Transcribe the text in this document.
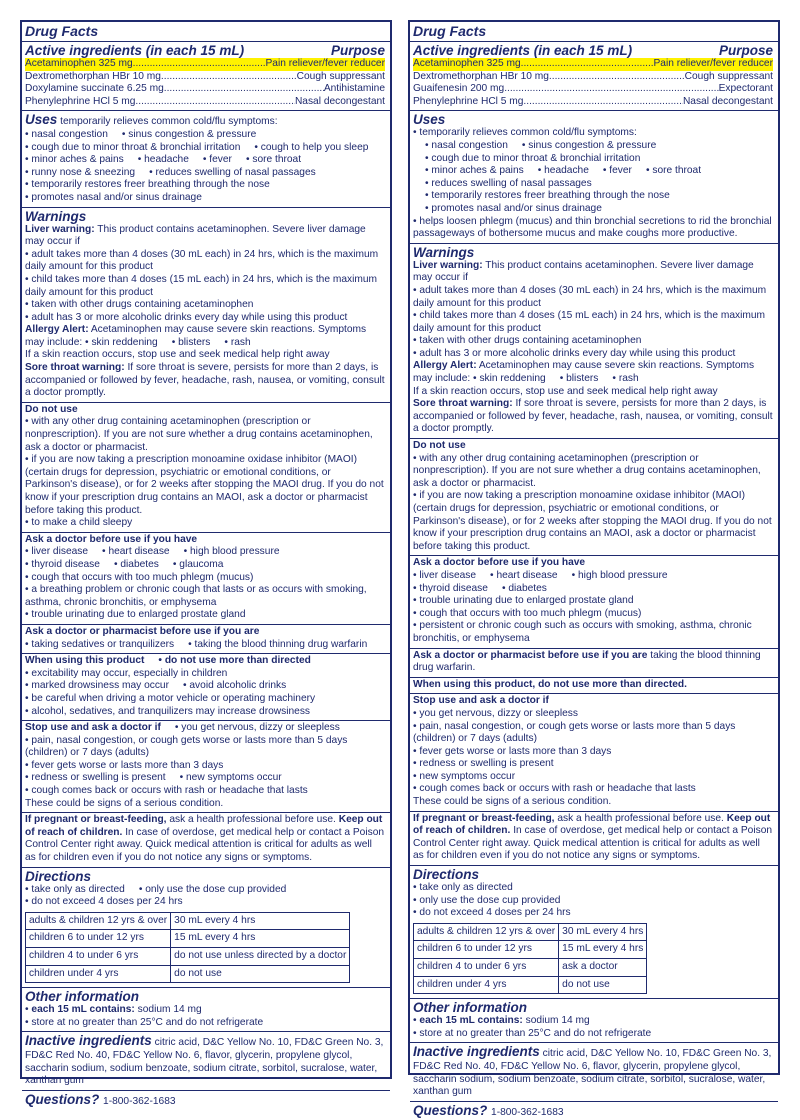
Drug Facts
Active ingredients (in each 15 mL)	Purpose
Acetaminophen 325 mg .....	Pain reliever/fever reducer
Dextromethorphan HBr 10 mg .....	Cough suppressant
Doxylamine succinate 6.25 mg .....	Antihistamine
Phenylephrine HCl 5 mg .....	Nasal decongestant
Uses temporarily relieves common cold/flu symptoms:
• nasal congestion	• sinus congestion & pressure
• cough due to minor throat & bronchial irritation	• cough to help you sleep
• minor aches & pains	• headache	• fever	• sore throat
• runny nose & sneezing	• reduces swelling of nasal passages
• temporarily restores freer breathing through the nose
• promotes nasal and/or sinus drainage
Warnings
Liver warning: This product contains acetaminophen. Severe liver damage may occur if
• adult takes more than 4 doses (30 mL each) in 24 hrs, which is the maximum daily amount for this product
• child takes more than 4 doses (15 mL each) in 24 hrs, which is the maximum daily amount for this product
• taken with other drugs containing acetaminophen
• adult has 3 or more alcoholic drinks every day while using this product
Allergy Alert: Acetaminophen may cause severe skin reactions. Symptoms may include: • skin reddening	• blisters	• rash
If a skin reaction occurs, stop use and seek medical help right away
Sore throat warning: If sore throat is severe, persists for more than 2 days, is accompanied or followed by fever, headache, rash, nausea, or vomiting, consult a doctor promptly.
Do not use
• with any other drug containing acetaminophen (prescription or nonprescription). If you are not sure whether a drug contains acetaminophen, ask a doctor or pharmacist.
• if you are now taking a prescription monoamine oxidase inhibitor (MAOI) (certain drugs for depression, psychiatric or emotional conditions, or Parkinson's disease), or for 2 weeks after stopping the MAOI drug. If you do not know if your prescription drug contains an MAOI, ask a doctor or pharmacist before taking this product.
• to make a child sleepy
Ask a doctor before use if you have
• liver disease	• heart disease	• high blood pressure
• thyroid disease	• diabetes	• glaucoma
• cough that occurs with too much phlegm (mucus)
• a breathing problem or chronic cough that lasts or as occurs with smoking, asthma, chronic bronchitis, or emphysema
• trouble urinating due to enlarged prostate gland
Ask a doctor or pharmacist before use if you are
• taking sedatives or tranquilizers	• taking the blood thinning drug warfarin
When using this product	• do not use more than directed
• excitability may occur, especially in children
• marked drowsiness may occur	• avoid alcoholic drinks
• be careful when driving a motor vehicle or operating machinery
• alcohol, sedatives, and tranquilizers may increase drowsiness
Stop use and ask a doctor if	• you get nervous, dizzy or sleepless
• pain, nasal congestion, or cough gets worse or lasts more than 5 days (children) or 7 days (adults)
• fever gets worse or lasts more than 3 days
• redness or swelling is present	• new symptoms occur
• cough comes back or occurs with rash or headache that lasts
These could be signs of a serious condition.
If pregnant or breast-feeding, ask a health professional before use. Keep out of reach of children. In case of overdose, get medical help or contact a Poison Control Center right away. Quick medical attention is critical for adults as well as for children even if you do not notice any signs or symptoms.
Directions
• take only as directed	• only use the dose cup provided
• do not exceed 4 doses per 24 hrs
adults & children 12 yrs & over	30 mL every 4 hrs
children 6 to under 12 yrs	15 mL every 4 hrs
children 4 to under 6 yrs	do not use unless directed by a doctor
children under 4 yrs	do not use
Other information
• each 15 mL contains: sodium 14 mg
• store at no greater than 25°C and do not refrigerate
Inactive ingredients citric acid, D&C Yellow No. 10, FD&C Green No. 3, FD&C Red No. 40, FD&C Yellow No. 6, flavor, glycerin, propylene glycol, saccharin sodium, sodium benzoate, sodium citrate, sorbitol, sucralose, water, xanthan gum
Questions? 1-800-362-1683
Drug Facts
Active ingredients (in each 15 mL)	Purpose
Acetaminophen 325 mg .....	Pain reliever/fever reducer
Dextromethorphan HBr 10 mg .....	Cough suppressant
Guaifenesin 200 mg .....	Expectorant
Phenylephrine HCl 5 mg .....	Nasal decongestant
Uses
• temporarily relieves common cold/flu symptoms:
• nasal congestion	• sinus congestion & pressure
• cough due to minor throat & bronchial irritation
• minor aches & pains	• headache	• fever	• sore throat
• reduces swelling of nasal passages
• temporarily restores freer breathing through the nose
• promotes nasal and/or sinus drainage
• helps loosen phlegm (mucus) and thin bronchial secretions to rid the bronchial passageways of bothersome mucus and make coughs more productive.
Warnings
Liver warning: This product contains acetaminophen. Severe liver damage may occur if
• adult takes more than 4 doses (30 mL each) in 24 hrs, which is the maximum daily amount for this product
• child takes more than 4 doses (15 mL each) in 24 hrs, which is the maximum daily amount for this product
• taken with other drugs containing acetaminophen
• adult has 3 or more alcoholic drinks every day while using this product
Allergy Alert: Acetaminophen may cause severe skin reactions. Symptoms may include: • skin reddening	• blisters	• rash
If a skin reaction occurs, stop use and seek medical help right away
Sore throat warning: If sore throat is severe, persists for more than 2 days, is accompanied or followed by fever, headache, rash, nausea, or vomiting, consult a doctor promptly.
Do not use
• with any other drug containing acetaminophen (prescription or nonprescription). If you are not sure whether a drug contains acetaminophen, ask a doctor or pharmacist.
• if you are now taking a prescription monoamine oxidase inhibitor (MAOI) (certain drugs for depression, psychiatric or emotional conditions, or Parkinson's disease), or for 2 weeks after stopping the MAOI drug. If you do not know if your prescription drug contains an MAOI, ask a doctor or pharmacist before taking this product.
Ask a doctor before use if you have
• liver disease	• heart disease	• high blood pressure
• thyroid disease	• diabetes
• trouble urinating due to enlarged prostate gland
• cough that occurs with too much phlegm (mucus)
• persistent or chronic cough such as occurs with smoking, asthma, chronic bronchitis, or emphysema
Ask a doctor or pharmacist before use if you are taking the blood thinning drug warfarin.
When using this product, do not use more than directed.
Stop use and ask a doctor if
• you get nervous, dizzy or sleepless
• pain, nasal congestion, or cough gets worse or lasts more than 5 days (children) or 7 days (adults)
• fever gets worse or lasts more than 3 days
• redness or swelling is present
• new symptoms occur
• cough comes back or occurs with rash or headache that lasts
These could be signs of a serious condition.
If pregnant or breast-feeding, ask a health professional before use. Keep out of reach of children. In case of overdose, get medical help or contact a Poison Control Center right away. Quick medical attention is critical for adults as well as for children even if you do not notice any signs or symptoms.
Directions
• take only as directed
• only use the dose cup provided
• do not exceed 4 doses per 24 hrs
adults & children 12 yrs & over	30 mL every 4 hrs
children 6 to under 12 yrs	15 mL every 4 hrs
children 4 to under 6 yrs	ask a doctor
children under 4 yrs	do not use
Other information
• each 15 mL contains: sodium 14 mg
• store at no greater than 25°C and do not refrigerate
Inactive ingredients citric acid, D&C Yellow No. 10, FD&C Green No. 3, FD&C Red No. 40, FD&C Yellow No. 6, flavor, glycerin, propylene glycol, saccharin sodium, sodium benzoate, sodium citrate, sorbitol, sucralose, water, xanthan gum
Questions? 1-800-362-1683
